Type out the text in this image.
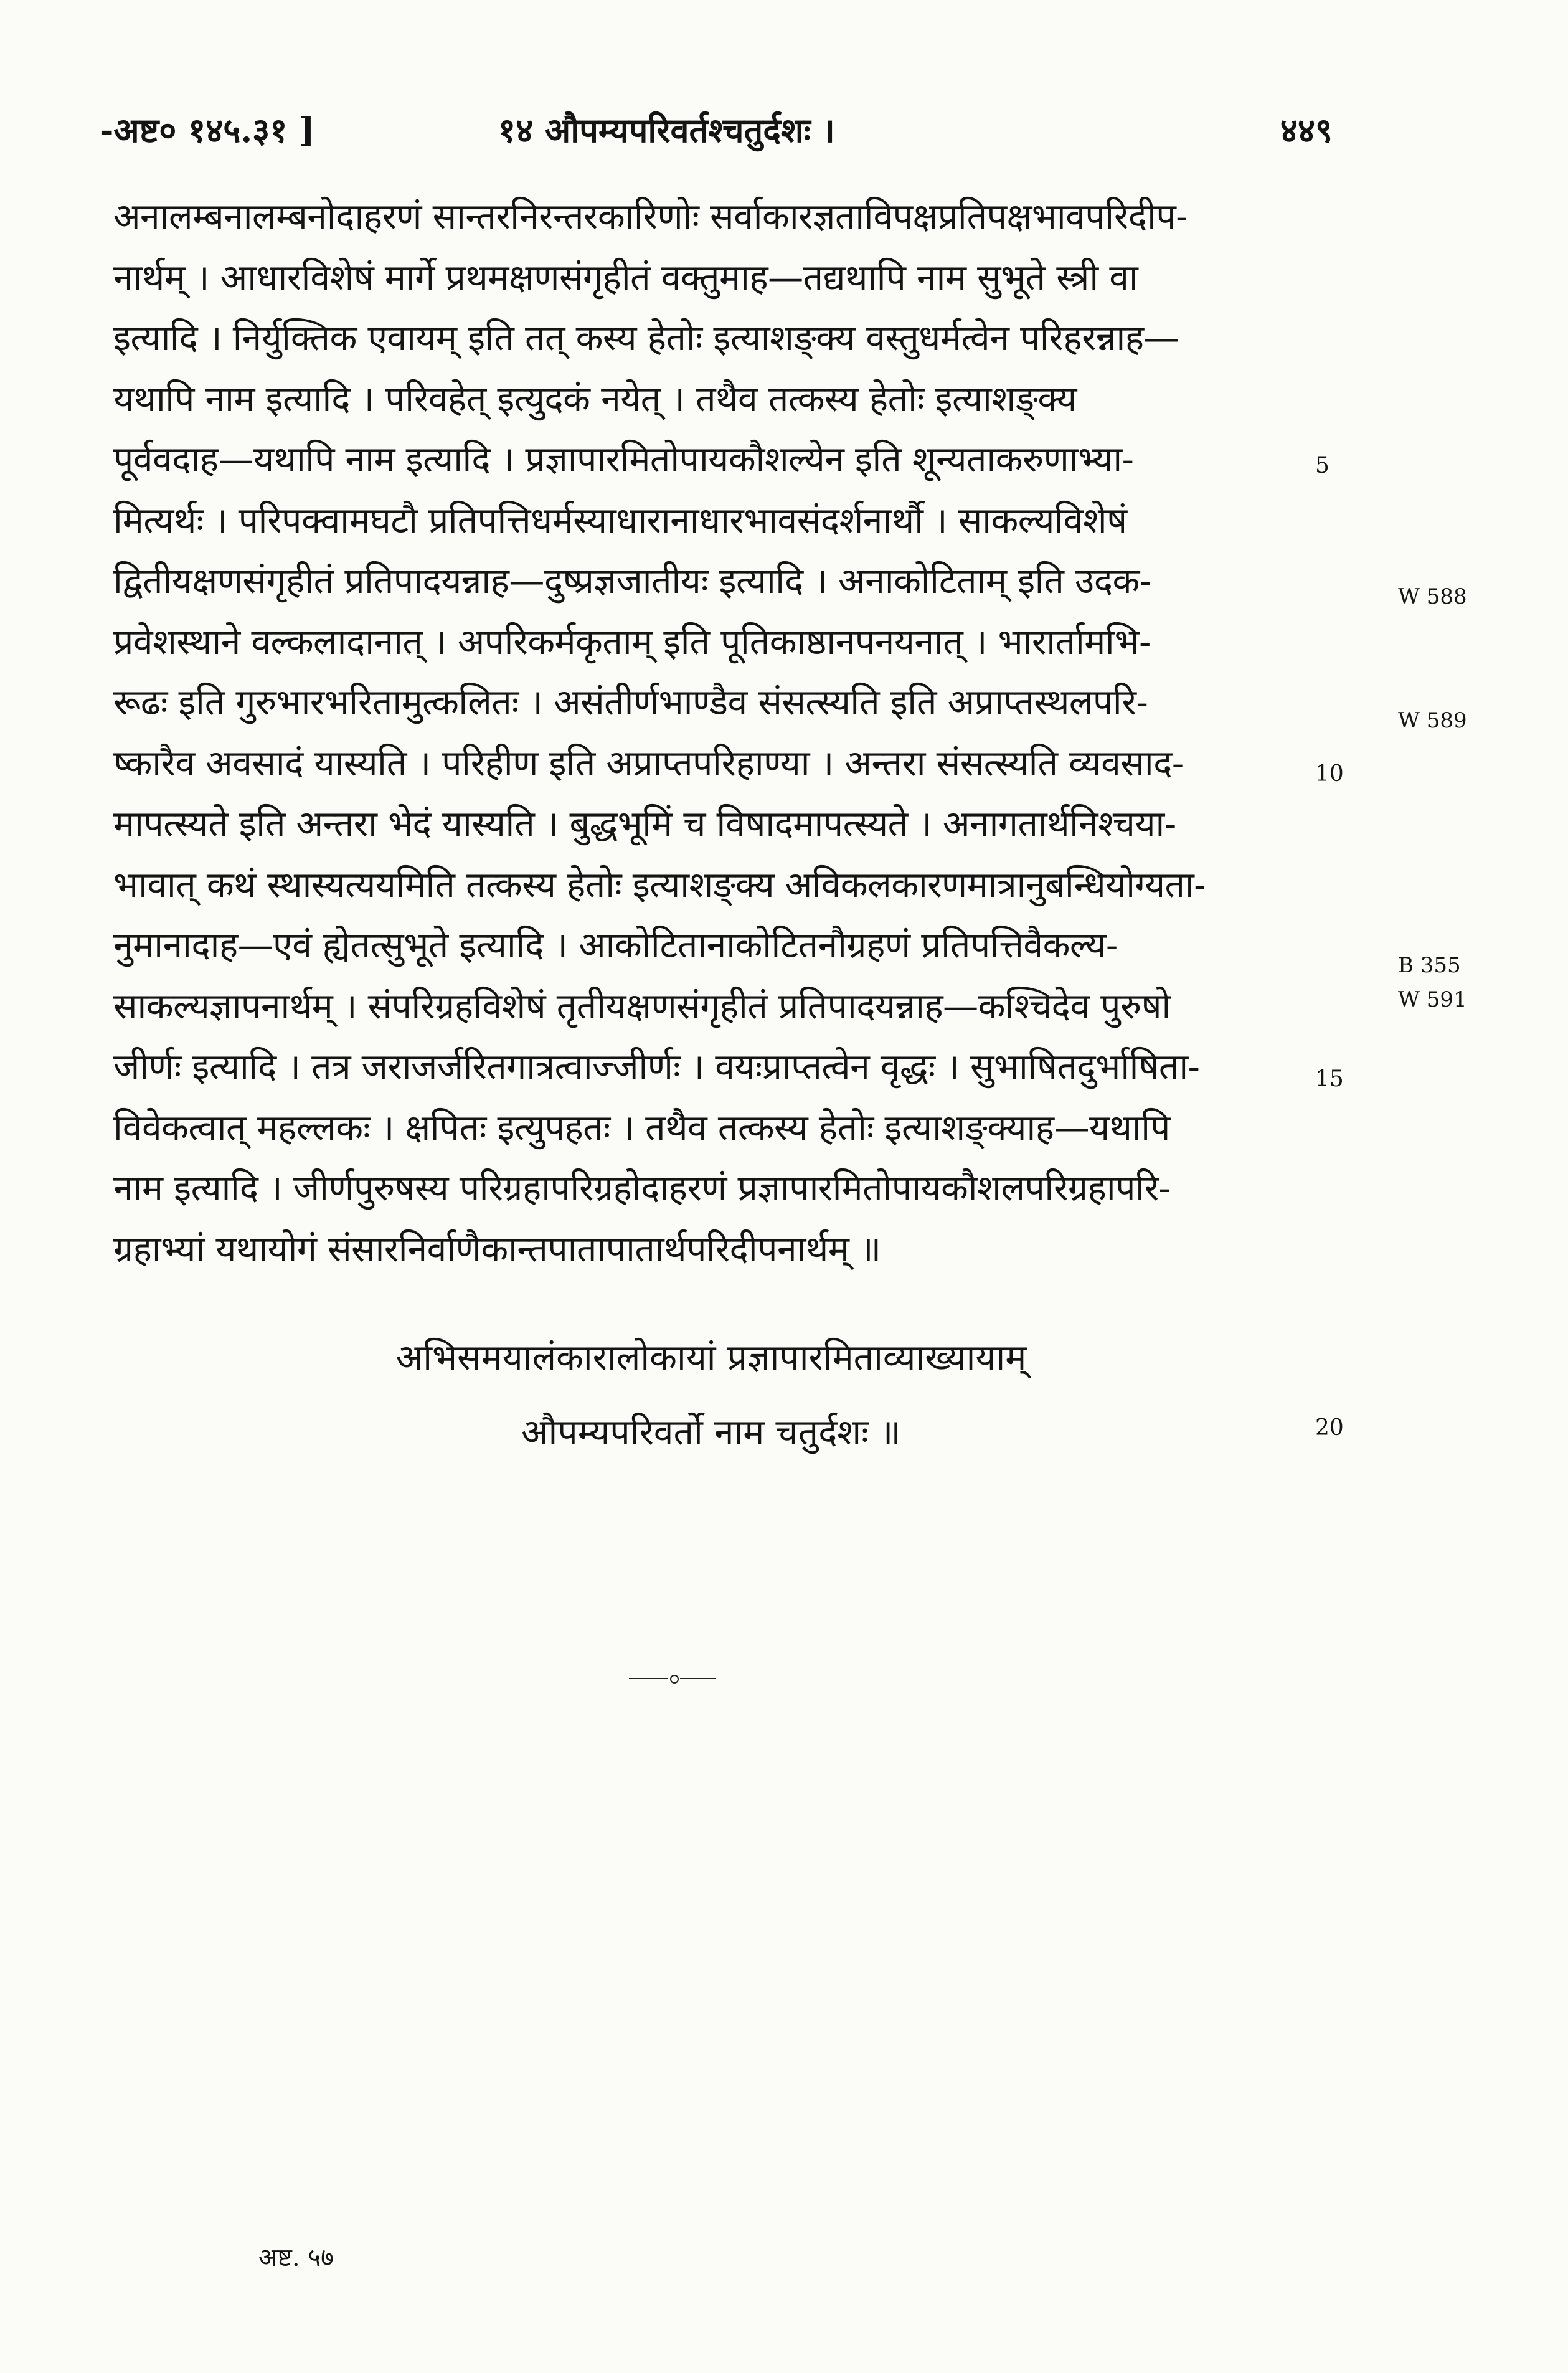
-अष्ट० १४५.३१ ]	१४ औपम्यपरिवर्तश्चतुर्दशः ।	४४९
अनालम्बनालम्बनोदाहरणं सान्तरनिरन्तरकारिणोः सर्वाकारज्ञताविपक्षप्रतिपक्षभावपरिदीप-
नार्थम् । आधारविशेषं मार्गे प्रथमक्षणसंगृहीतं वक्तुमाह—तद्यथापि नाम सुभूते स्त्री वा
इत्यादि । निर्युक्तिक एवायम् इति तत् कस्य हेतोः इत्याशङ्क्य वस्तुधर्मत्वेन परिहरन्नाह—
यथापि नाम इत्यादि । परिवहेत् इत्युदकं नयेत् । तथैव तत्कस्य हेतोः इत्याशङ्क्य
पूर्ववदाह—यथापि नाम इत्यादि । प्रज्ञापारमितोपायकौशल्येन इति शून्यताकरुणाभ्या-
मित्यर्थः । परिपक्वामघटौ प्रतिपत्तिधर्मस्याधारानाधारभावसंदर्शनार्थौ । साकल्यविशेषं
द्वितीयक्षणसंगृहीतं प्रतिपादयन्नाह—दुष्प्रज्ञजातीयः इत्यादि । अनाकोटिताम् इति उदक-
प्रवेशस्थाने वल्कलादानात् । अपरिकर्मकृताम् इति पूतिकाष्ठानपनयनात् । भारार्तामभि-
रूढः इति गुरुभारभरितामुत्कलितः । असंतीर्णभाण्डैव संसत्स्यति इति अप्राप्तस्थलपरि-
ष्कारैव अवसादं यास्यति । परिहीण इति अप्राप्तपरिहाण्या । अन्तरा संसत्स्यति व्यवसाद-
मापत्स्यते इति अन्तरा भेदं यास्यति । बुद्धभूमिं च विषादमापत्स्यते । अनागतार्थनिश्चया-
भावात् कथं स्थास्यत्ययमिति तत्कस्य हेतोः इत्याशङ्क्य अविकलकारणमात्रानुबन्धियोग्यता-
नुमानादाह—एवं ह्येतत्सुभूते इत्यादि । आकोटितानाकोटितनौग्रहणं प्रतिपत्तिवैकल्य-
साकल्यज्ञापनार्थम् । संपरिग्रहविशेषं तृतीयक्षणसंगृहीतं प्रतिपादयन्नाह—कश्चिदेव पुरुषो
जीर्णः इत्यादि । तत्र जराजर्जरितगात्रत्वाज्जीर्णः । वयःप्राप्तत्वेन वृद्धः । सुभाषितदुर्भाषिता-
विवेकत्वात् महल्लकः । क्षपितः इत्युपहतः । तथैव तत्कस्य हेतोः इत्याशङ्क्याह—यथापि
नाम इत्यादि । जीर्णपुरुषस्य परिग्रहापरिग्रहोदाहरणं प्रज्ञापारमितोपायकौशलपरिग्रहापरि-
ग्रहाभ्यां यथायोगं संसारनिर्वाणैकान्तपातापातार्थपरिदीपनार्थम् ॥
5
10
15
20
W 588
W 589
B 355
W 591
अभिसमयालंकारालोकायां प्रज्ञापारमिताव्याख्यायाम्
औपम्यपरिवर्तो नाम चतुर्दशः ॥
अष्ट. ५७
